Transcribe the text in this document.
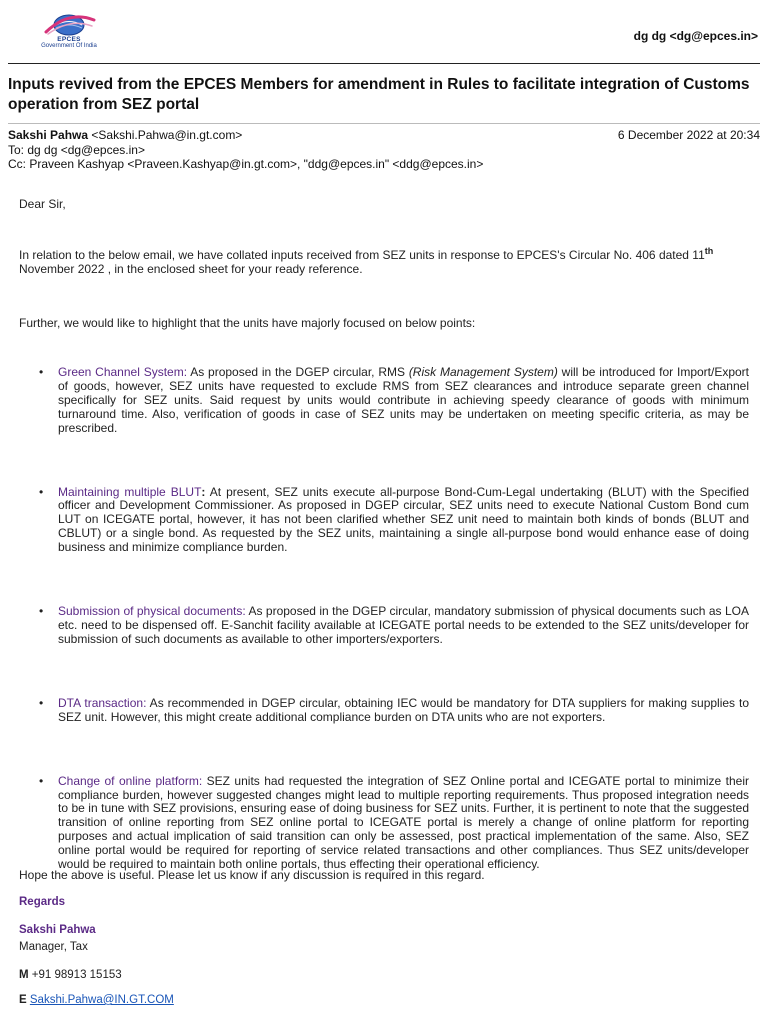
EPCES
Government Of India
dg dg <dg@epces.in>
Inputs revived from the EPCES Members for amendment in Rules to facilitate integration of Customs operation from SEZ portal
Sakshi Pahwa <Sakshi.Pahwa@in.gt.com>	6 December 2022 at 20:34
To: dg dg <dg@epces.in>
Cc: Praveen Kashyap <Praveen.Kashyap@in.gt.com>, "ddg@epces.in" <ddg@epces.in>
Dear Sir,
In relation to the below email, we have collated inputs received from SEZ units in response to EPCES's Circular No. 406 dated 11th November 2022 , in the enclosed sheet for your ready reference.
Further, we would like to highlight that the units have majorly focused on below points:
• Green Channel System: As proposed in the DGEP circular, RMS (Risk Management System) will be introduced for Import/Export of goods, however, SEZ units have requested to exclude RMS from SEZ clearances and introduce separate green channel specifically for SEZ units. Said request by units would contribute in achieving speedy clearance of goods with minimum turnaround time. Also, verification of goods in case of SEZ units may be undertaken on meeting specific criteria, as may be prescribed.
• Maintaining multiple BLUT: At present, SEZ units execute all-purpose Bond-Cum-Legal undertaking (BLUT) with the Specified officer and Development Commissioner. As proposed in DGEP circular, SEZ units need to execute National Custom Bond cum LUT on ICEGATE portal, however, it has not been clarified whether SEZ unit need to maintain both kinds of bonds (BLUT and CBLUT) or a single bond. As requested by the SEZ units, maintaining a single all-purpose bond would enhance ease of doing business and minimize compliance burden.
• Submission of physical documents: As proposed in the DGEP circular, mandatory submission of physical documents such as LOA etc. need to be dispensed off. E-Sanchit facility available at ICEGATE portal needs to be extended to the SEZ units/developer for submission of such documents as available to other importers/exporters.
• DTA transaction: As recommended in DGEP circular, obtaining IEC would be mandatory for DTA suppliers for making supplies to SEZ unit. However, this might create additional compliance burden on DTA units who are not exporters.
• Change of online platform: SEZ units had requested the integration of SEZ Online portal and ICEGATE portal to minimize their compliance burden, however suggested changes might lead to multiple reporting requirements. Thus proposed integration needs to be in tune with SEZ provisions, ensuring ease of doing business for SEZ units. Further, it is pertinent to note that the suggested transition of online reporting from SEZ online portal to ICEGATE portal is merely a change of online platform for reporting purposes and actual implication of said transition can only be assessed, post practical implementation of the same. Also, SEZ online portal would be required for reporting of service related transactions and other compliances. Thus SEZ units/developer would be required to maintain both online portals, thus effecting their operational efficiency.
Hope the above is useful. Please let us know if any discussion is required in this regard.
Regards
Sakshi Pahwa
Manager, Tax
M +91 98913 15153
E Sakshi.Pahwa@IN.GT.COM
